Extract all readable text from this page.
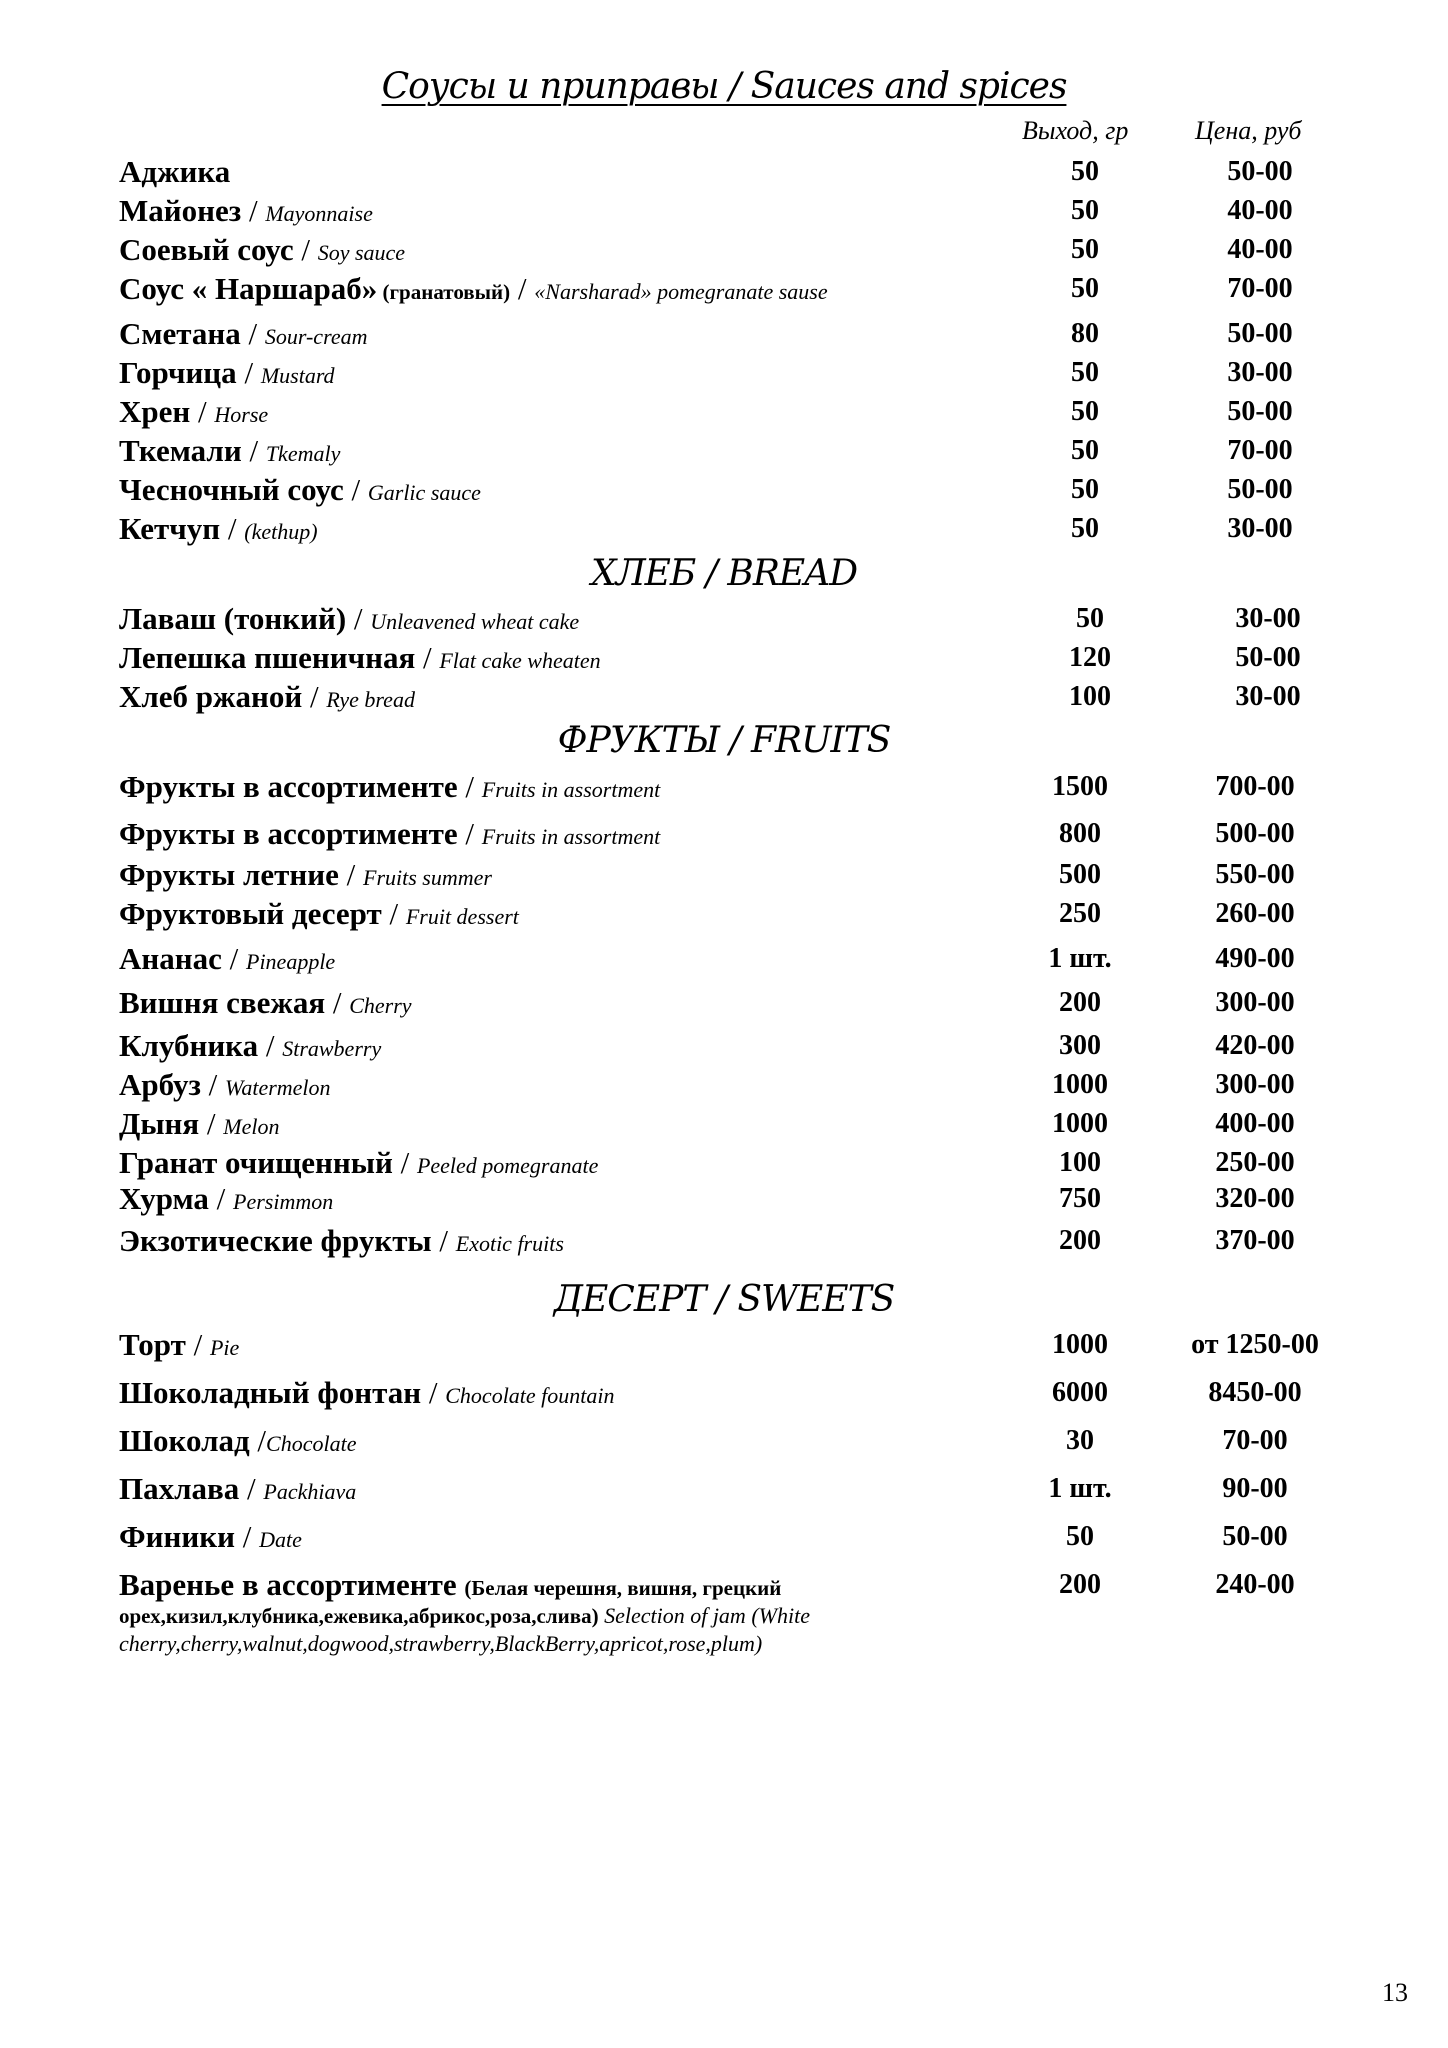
Соусы и приправы / Sauces and spices
Выход, гр	Цена, руб
Аджика	50	50-00
Майонез / Mayonnaise	50	40-00
Соевый соус / Soy sauce	50	40-00
Соус « Наршараб» (гранатовый) / «Narsharad» pomegranate sause	50	70-00
Сметана / Sour-cream	80	50-00
Горчица / Mustard	50	30-00
Хрен / Horse	50	50-00
Ткемали / Tkemaly	50	70-00
Чесночный соус / Garlic sauce	50	50-00
Кетчуп / (kethup)	50	30-00
ХЛЕБ / BREAD
Лаваш (тонкий) / Unleavened wheat cake	50	30-00
Лепешка пшеничная / Flat cake wheaten	120	50-00
Хлеб ржаной / Rye bread	100	30-00
ФРУКТЫ / FRUITS
Фрукты в ассортименте / Fruits in assortment	1500	700-00
Фрукты в ассортименте / Fruits in assortment	800	500-00
Фрукты летние / Fruits summer	500	550-00
Фруктовый десерт / Fruit dessert	250	260-00
Ананас / Pineapple	1 шт.	490-00
Вишня свежая / Cherry	200	300-00
Клубника / Strawberry	300	420-00
Арбуз / Watermelon	1000	300-00
Дыня / Melon	1000	400-00
Гранат очищенный / Peeled pomegranate	100	250-00
Хурма / Persimmon	750	320-00
Экзотические фрукты / Exotic fruits	200	370-00
ДЕСЕРТ / SWEETS
Торт / Pie	1000	от 1250-00
Шоколадный фонтан / Chocolate fountain	6000	8450-00
Шоколад /Chocolate	30	70-00
Пахлава / Packhiava	1 шт.	90-00
Финики / Date	50	50-00
Варенье в ассортименте (Белая черешня, вишня, грецкий	200	240-00
орех,кизил,клубника,ежевика,абрикос,роза,слива) Selection of jam (White cherry,cherry,walnut,dogwood,strawberry,BlackBerry,apricot,rose,plum)
13
